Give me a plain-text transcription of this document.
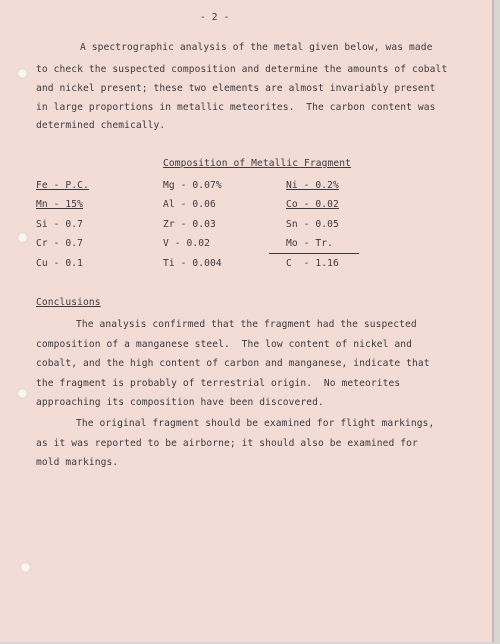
- 2 -
A spectrographic analysis of the metal given below, was made
to check the suspected composition and determine the amounts of cobalt
and nickel present; these two elements are almost invariably present
in large proportions in metallic meteorites.  The carbon content was
determined chemically.
Composition of Metallic Fragment
Fe - P.C.
Mn - 15%
Si - 0.7
Cr - 0.7
Cu - 0.1
Mg - 0.07%
Al - 0.06
Zr - 0.03
V - 0.02
Ti - 0.004
Ni - 0.2%
Co - 0.02
Sn - 0.05
Mo - Tr.
C  - 1.16
Conclusions
The analysis confirmed that the fragment had the suspected
composition of a manganese steel.  The low content of nickel and
cobalt, and the high content of carbon and manganese, indicate that
the fragment is probably of terrestrial origin.  No meteorites
approaching its composition have been discovered.
The original fragment should be examined for flight markings,
as it was reported to be airborne; it should also be examined for
mold markings.
